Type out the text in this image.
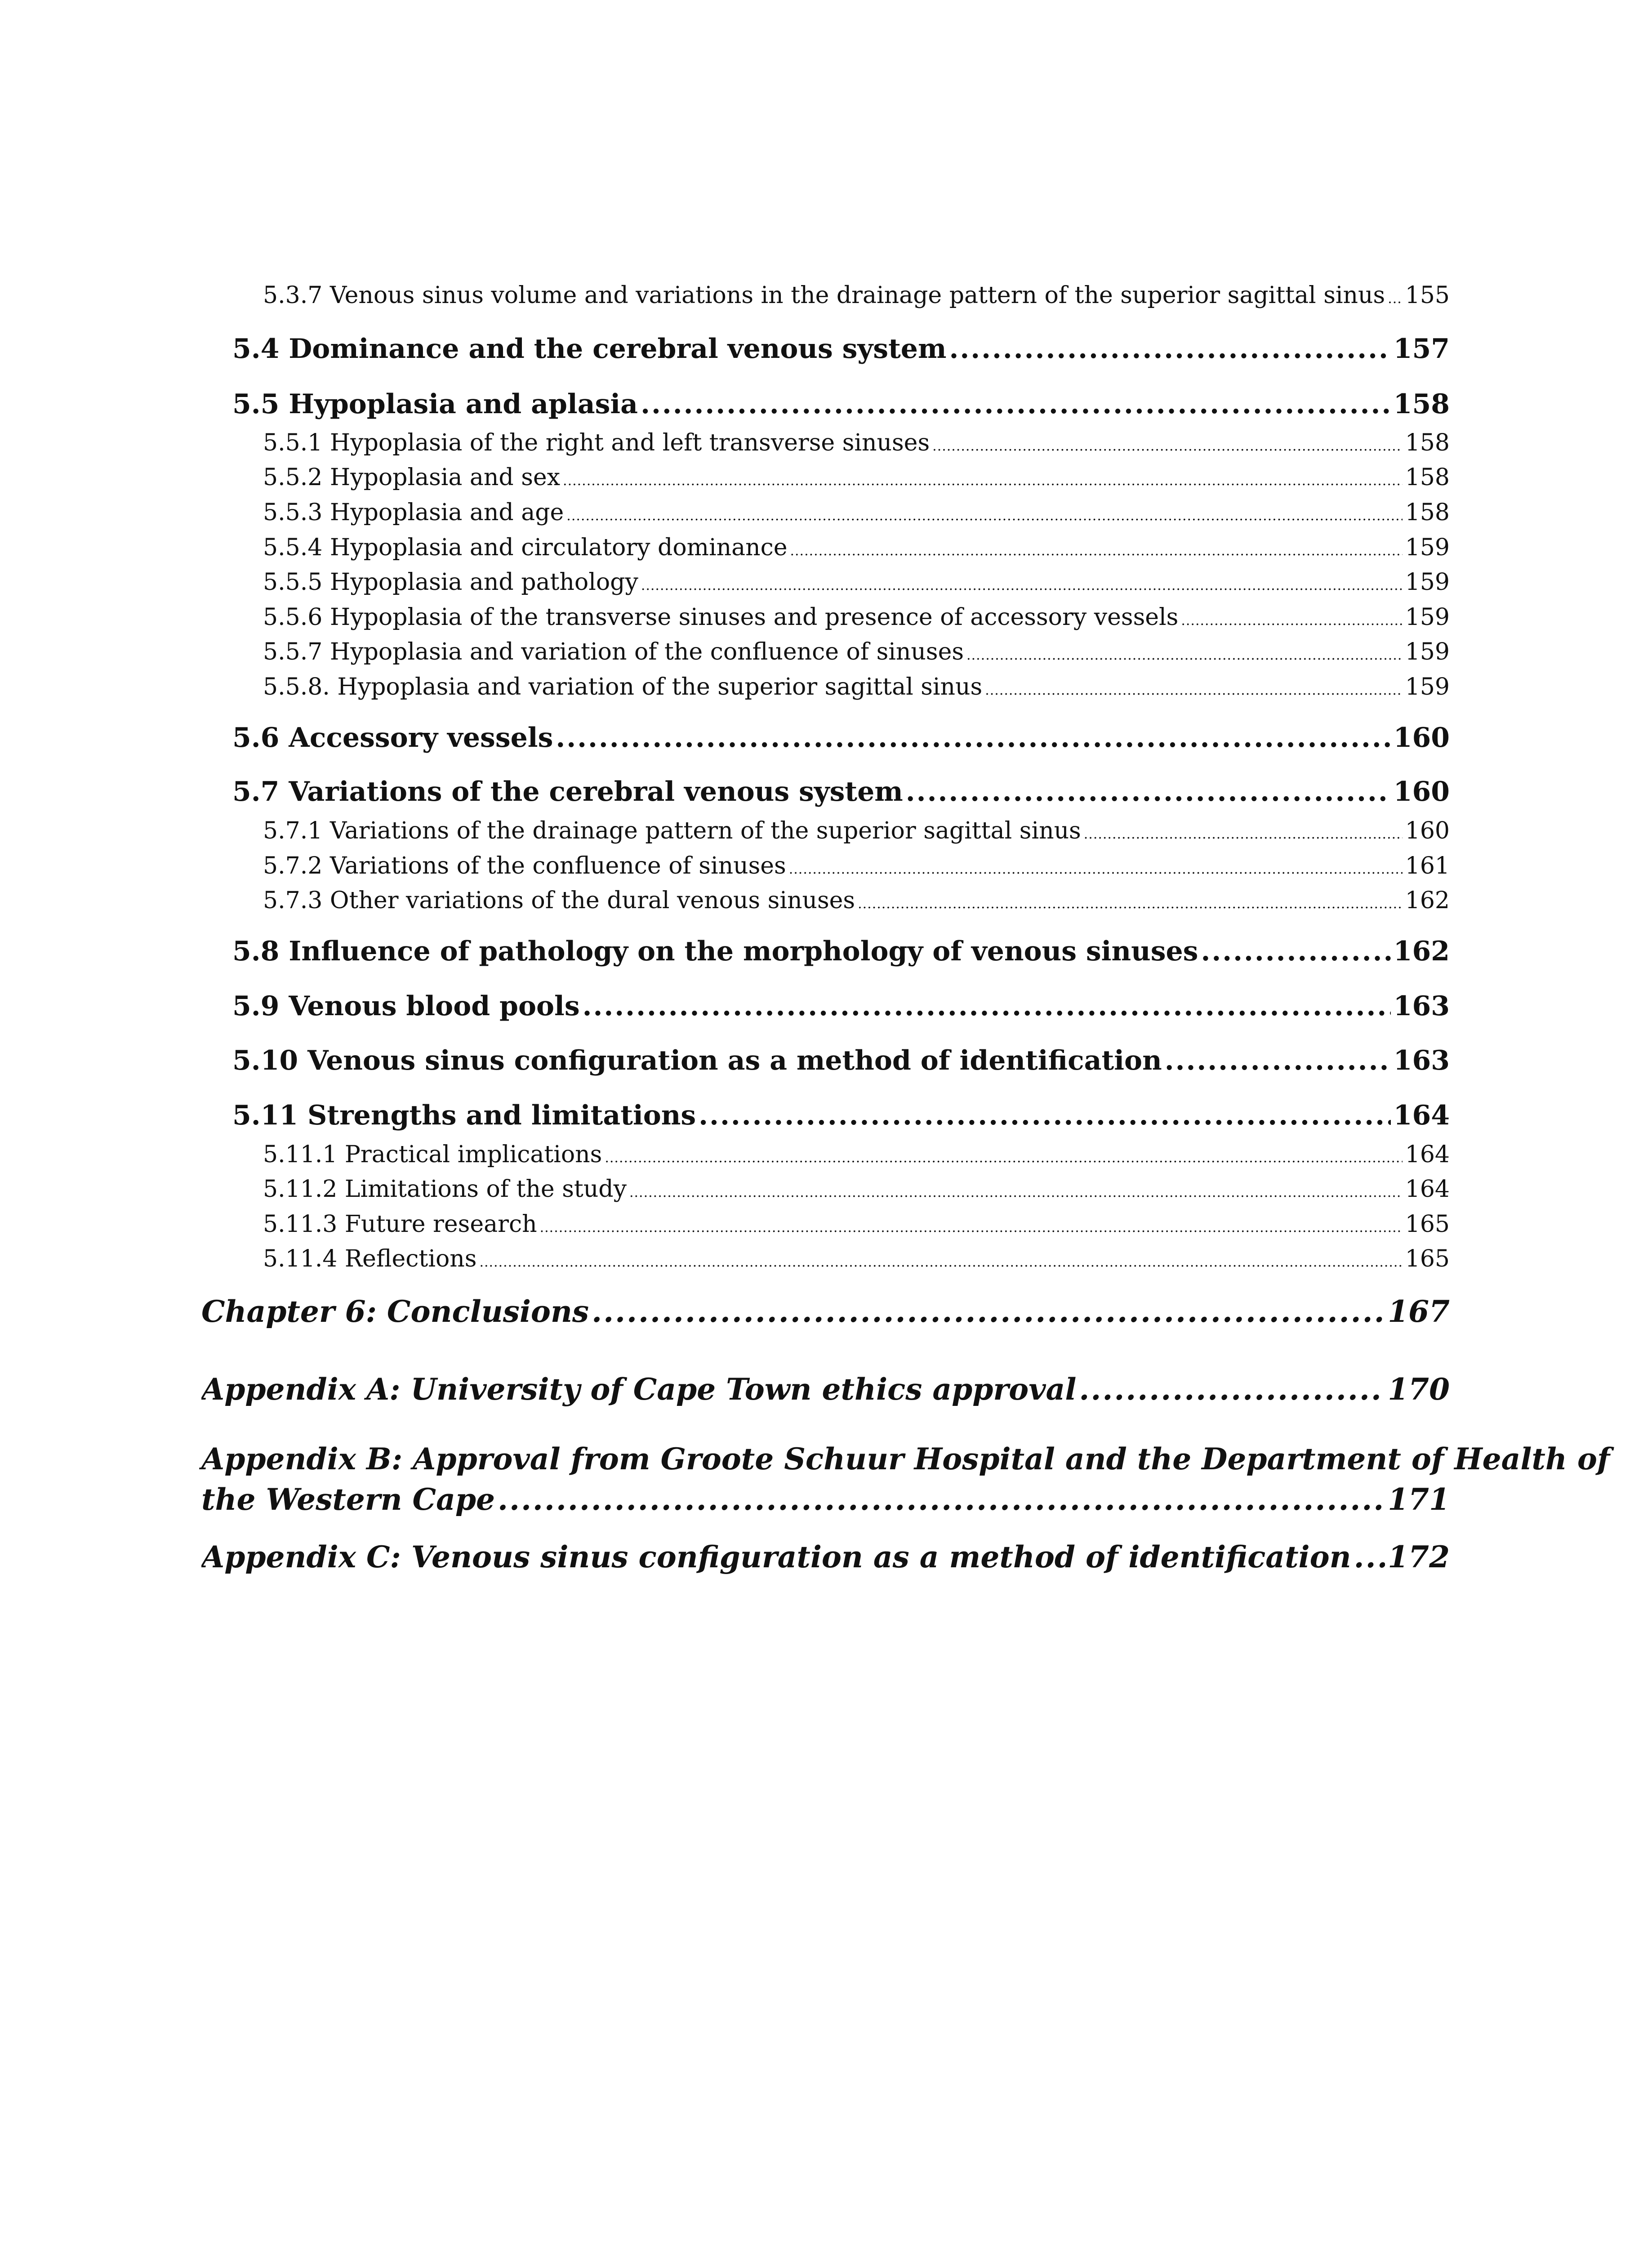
5.3.7 Venous sinus volume and variations in the drainage pattern of the superior sagittal sinus ..... 155
5.4 Dominance and the cerebral venous system .....	157
5.5 Hypoplasia and aplasia .....	158
5.5.1 Hypoplasia of the right and left transverse sinuses .....	158
5.5.2 Hypoplasia and sex .....	158
5.5.3 Hypoplasia and age .....	158
5.5.4 Hypoplasia and circulatory dominance .....	159
5.5.5 Hypoplasia and pathology .....	159
5.5.6 Hypoplasia of the transverse sinuses and presence of accessory vessels .....	159
5.5.7 Hypoplasia and variation of the confluence of sinuses .....	159
5.5.8. Hypoplasia and variation of the superior sagittal sinus .....	159
5.6 Accessory vessels .....	160
5.7 Variations of the cerebral venous system .....	160
5.7.1 Variations of the drainage pattern of the superior sagittal sinus .....	160
5.7.2 Variations of the confluence of sinuses .....	161
5.7.3 Other variations of the dural venous sinuses .....	162
5.8 Influence of pathology on the morphology of venous sinuses .....	162
5.9 Venous blood pools .....	163
5.10 Venous sinus configuration as a method of identification .....	163
5.11 Strengths and limitations .....	164
5.11.1 Practical implications .....	164
5.11.2 Limitations of the study .....	164
5.11.3 Future research .....	165
5.11.4 Reflections .....	165
Chapter 6: Conclusions .....	167
Appendix A: University of Cape Town ethics approval .....	170
Appendix B: Approval from Groote Schuur Hospital and the Department of Health of
the Western Cape .....	171
Appendix C: Venous sinus configuration as a method of identification ..... 172
